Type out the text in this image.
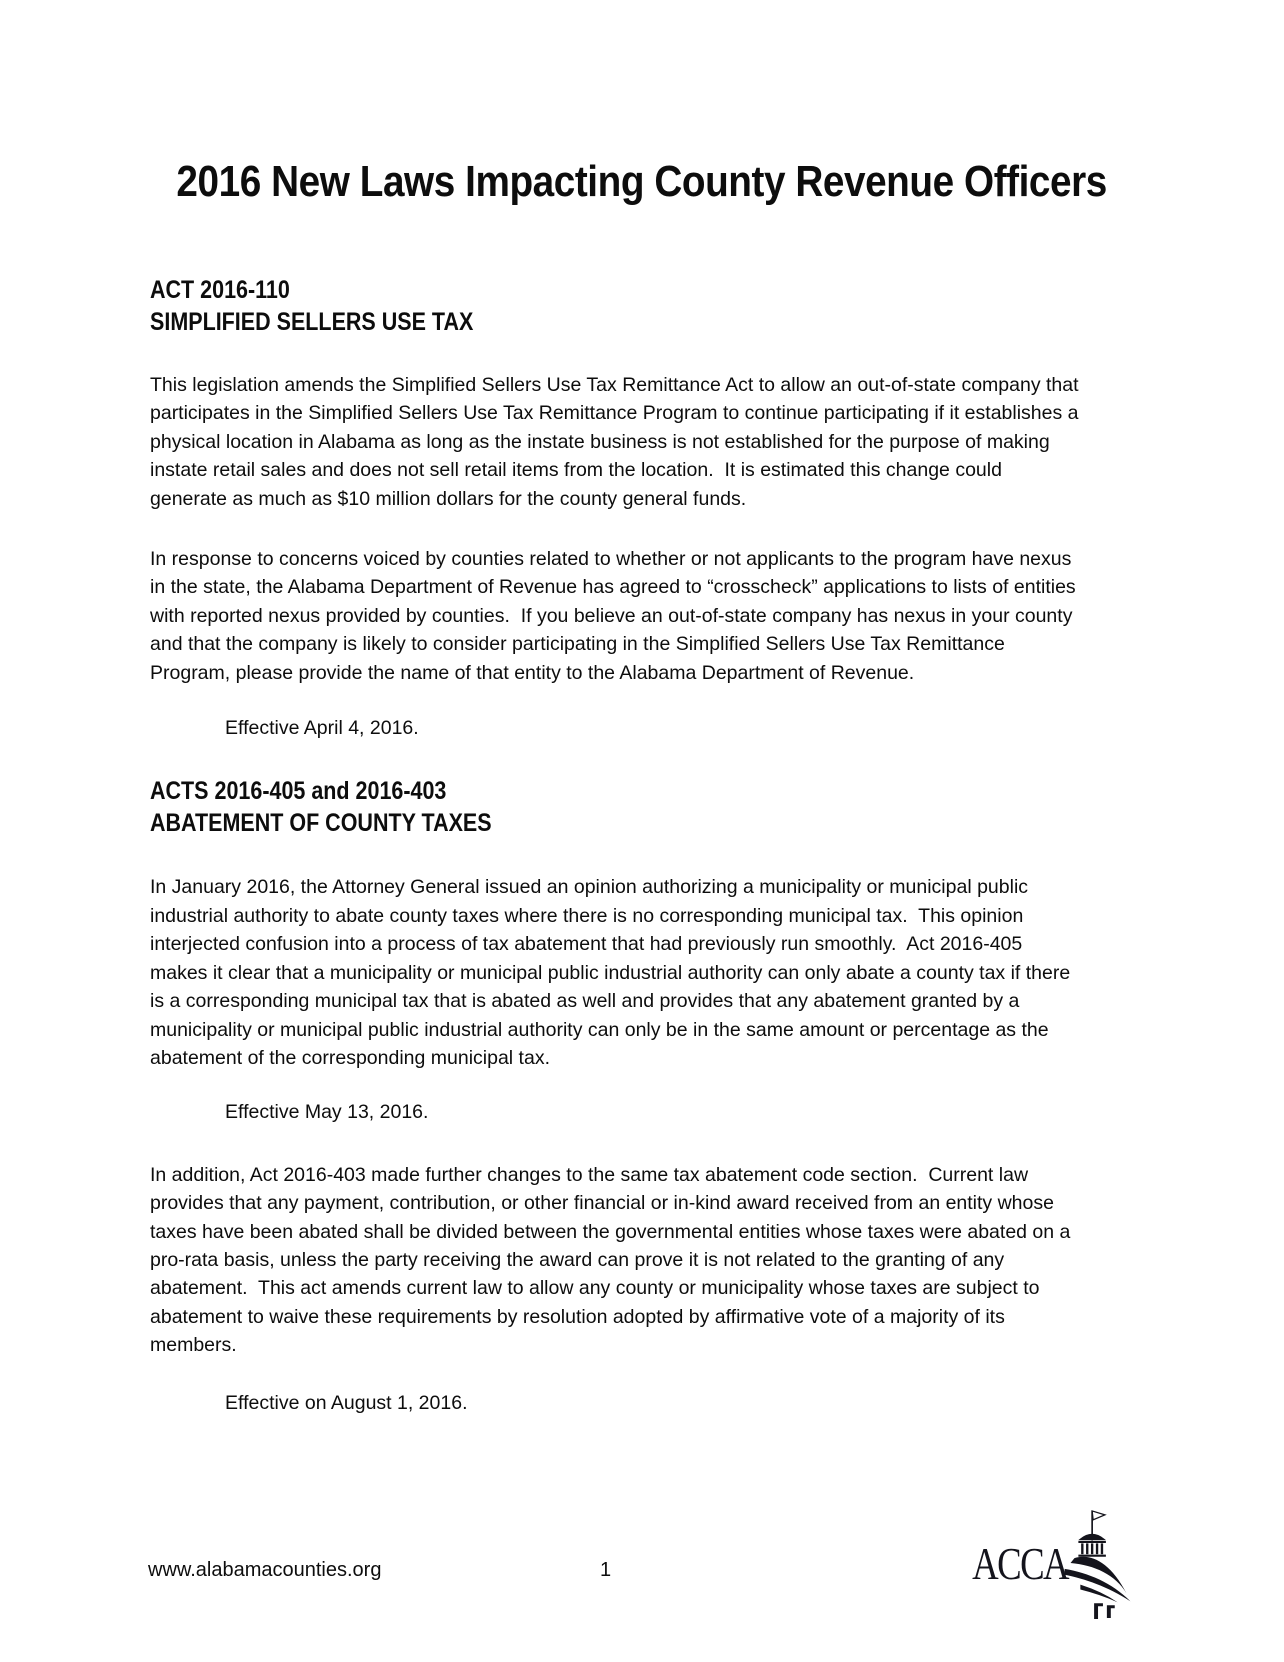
2016 New Laws Impacting County Revenue Officers
ACT 2016-110
SIMPLIFIED SELLERS USE TAX

This legislation amends the Simplified Sellers Use Tax Remittance Act to allow an out-of-state company that participates in the Simplified Sellers Use Tax Remittance Program to continue participating if it establishes a physical location in Alabama as long as the instate business is not established for the purpose of making instate retail sales and does not sell retail items from the location.  It is estimated this change could generate as much as $10 million dollars for the county general funds.

In response to concerns voiced by counties related to whether or not applicants to the program have nexus in the state, the Alabama Department of Revenue has agreed to “crosscheck” applications to lists of entities with reported nexus provided by counties.  If you believe an out-of-state company has nexus in your county and that the company is likely to consider participating in the Simplified Sellers Use Tax Remittance Program, please provide the name of that entity to the Alabama Department of Revenue.

Effective April 4, 2016.

ACTS 2016-405 and 2016-403
ABATEMENT OF COUNTY TAXES

In January 2016, the Attorney General issued an opinion authorizing a municipality or municipal public industrial authority to abate county taxes where there is no corresponding municipal tax.  This opinion interjected confusion into a process of tax abatement that had previously run smoothly.  Act 2016-405 makes it clear that a municipality or municipal public industrial authority can only abate a county tax if there is a corresponding municipal tax that is abated as well and provides that any abatement granted by a municipality or municipal public industrial authority can only be in the same amount or percentage as the abatement of the corresponding municipal tax.

Effective May 13, 2016.

In addition, Act 2016-403 made further changes to the same tax abatement code section.  Current law provides that any payment, contribution, or other financial or in-kind award received from an entity whose taxes have been abated shall be divided between the governmental entities whose taxes were abated on a pro-rata basis, unless the party receiving the award can prove it is not related to the granting of any abatement.  This act amends current law to allow any county or municipality whose taxes are subject to abatement to waive these requirements by resolution adopted by affirmative vote of a majority of its members.

Effective on August 1, 2016.

www.alabamacounties.org	1	ACCA
